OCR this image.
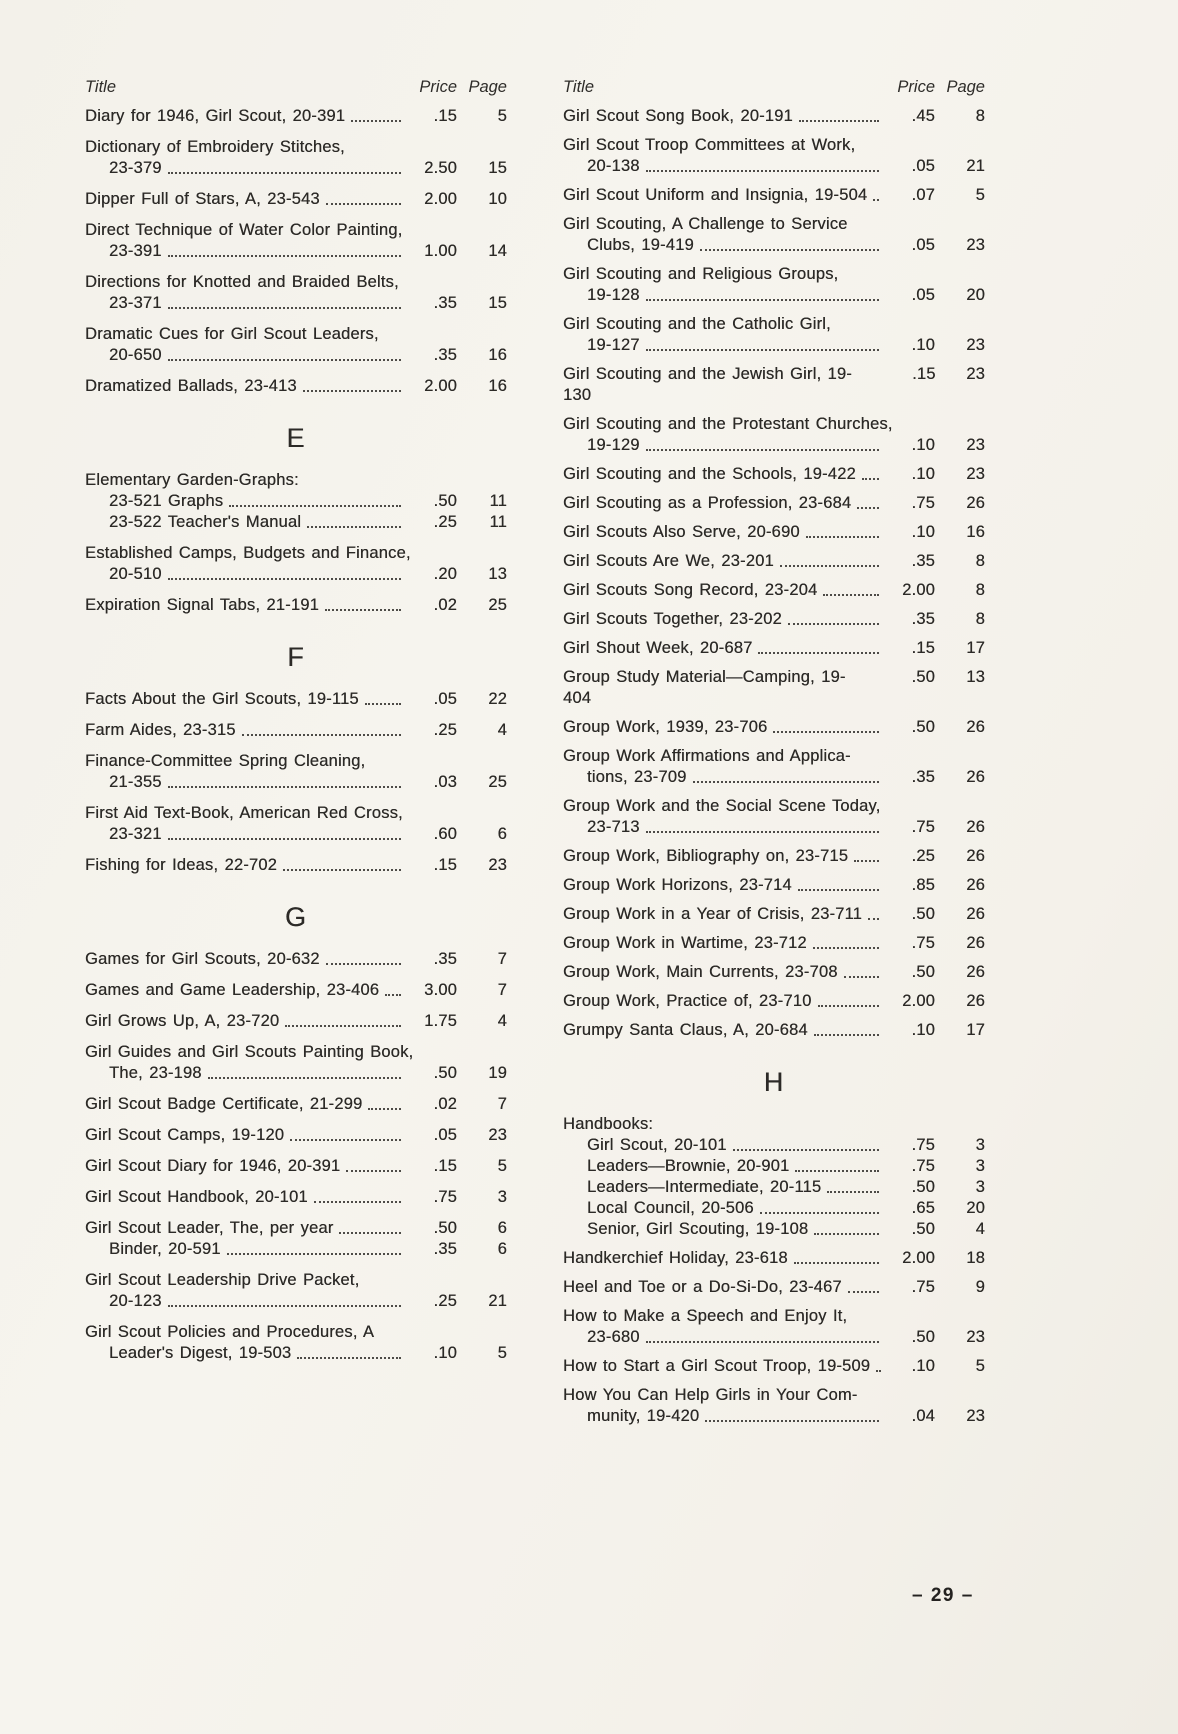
Title	Price Page
Diary for 1946, Girl Scout, 20-391	.15	5
Dictionary of Embroidery Stitches,
23-379	2.50	15
Dipper Full of Stars, A, 23-543	2.00	10
Direct Technique of Water Color Painting,
23-391	1.00	14
Directions for Knotted and Braided Belts,
23-371	.35	15
Dramatic Cues for Girl Scout Leaders,
20-650	.35	16
Dramatized Ballads, 23-413	2.00	16
E
Elementary Garden-Graphs:
23-521 Graphs	.50	11
23-522 Teacher's Manual	.25	11
Established Camps, Budgets and Finance,
20-510	.20	13
Expiration Signal Tabs, 21-191	.02	25
F
Facts About the Girl Scouts, 19-115	.05	22
Farm Aides, 23-315	.25	4
Finance-Committee Spring Cleaning,
21-355	.03	25
First Aid Text-Book, American Red Cross,
23-321	.60	6
Fishing for Ideas, 22-702	.15	23
G
Games for Girl Scouts, 20-632	.35	7
Games and Game Leadership, 23-406	3.00	7
Girl Grows Up, A, 23-720	1.75	4
Girl Guides and Girl Scouts Painting Book,
The, 23-198	.50	19
Girl Scout Badge Certificate, 21-299	.02	7
Girl Scout Camps, 19-120	.05	23
Girl Scout Diary for 1946, 20-391	.15	5
Girl Scout Handbook, 20-101	.75	3
Girl Scout Leader, The, per year	.50	6
Binder, 20-591	.35	6
Girl Scout Leadership Drive Packet,
20-123	.25	21
Girl Scout Policies and Procedures, A
Leader's Digest, 19-503	.10	5
Title	Price Page
Girl Scout Song Book, 20-191	.45	8
Girl Scout Troop Committees at Work,
20-138	.05	21
Girl Scout Uniform and Insignia, 19-504	.07	5
Girl Scouting, A Challenge to Service
Clubs, 19-419	.05	23
Girl Scouting and Religious Groups,
19-128	.05	20
Girl Scouting and the Catholic Girl,
19-127	.10	23
Girl Scouting and the Jewish Girl, 19-130
.15	23
Girl Scouting and the Protestant Churches,
19-129	.10	23
Girl Scouting and the Schools, 19-422	.10	23
Girl Scouting as a Profession, 23-684	.75	26
Girl Scouts Also Serve, 20-690	.10	16
Girl Scouts Are We, 23-201	.35	8
Girl Scouts Song Record, 23-204	2.00	8
Girl Scouts Together, 23-202	.35	8
Girl Shout Week, 20-687	.15	17
Group Study Material—Camping, 19-404
.50	13
Group Work, 1939, 23-706	.50	26
Group Work Affirmations and Applica-
tions, 23-709	.35	26
Group Work and the Social Scene Today,
23-713	.75	26
Group Work, Bibliography on, 23-715	.25	26
Group Work Horizons, 23-714	.85	26
Group Work in a Year of Crisis, 23-711	.50	26
Group Work in Wartime, 23-712	.75	26
Group Work, Main Currents, 23-708	.50	26
Group Work, Practice of, 23-710	2.00	26
Grumpy Santa Claus, A, 20-684	.10	17
H
Handbooks:
Girl Scout, 20-101	.75	3
Leaders—Brownie, 20-901	.75	3
Leaders—Intermediate, 20-115	.50	3
Local Council, 20-506	.65	20
Senior, Girl Scouting, 19-108	.50	4
Handkerchief Holiday, 23-618	2.00	18
Heel and Toe or a Do-Si-Do, 23-467	.75	9
How to Make a Speech and Enjoy It,
23-680	.50	23
How to Start a Girl Scout Troop, 19-509	.10	5
How You Can Help Girls in Your Com-
munity, 19-420	.04	23
– 29 –
